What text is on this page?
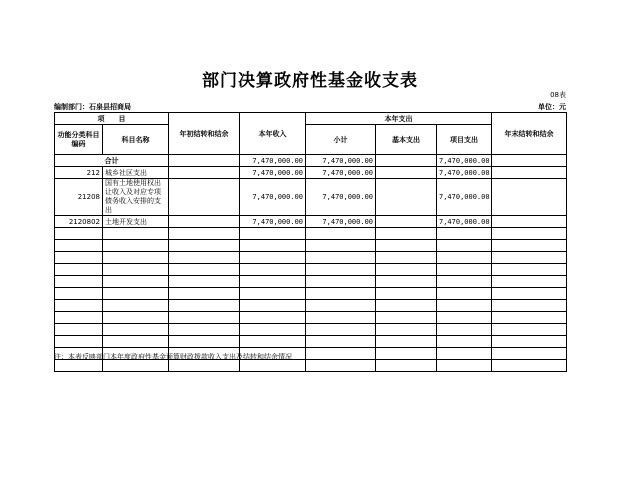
部门决算政府性基金收支表
08表
编制部门：石泉县招商局	单位：元
项　　目		年初结转和结余	本年收入	本年支出			年末结转和结余
功能分类科目编码	科目名称			小计	基本支出	项目支出	
合计			7,470,000.00	7,470,000.00		7,470,000.00	
212	城乡社区支出		7,470,000.00	7,470,000.00		7,470,000.00	
21208	国有土地使用权出让收入及对应专项债务收入安排的支出		7,470,000.00	7,470,000.00		7,470,000.00	
2120802	土地开发支出		7,470,000.00	7,470,000.00		7,470,000.00	

注：本表反映部门本年度政府性基金预算财政拨款收入支出及结转和结余情况
